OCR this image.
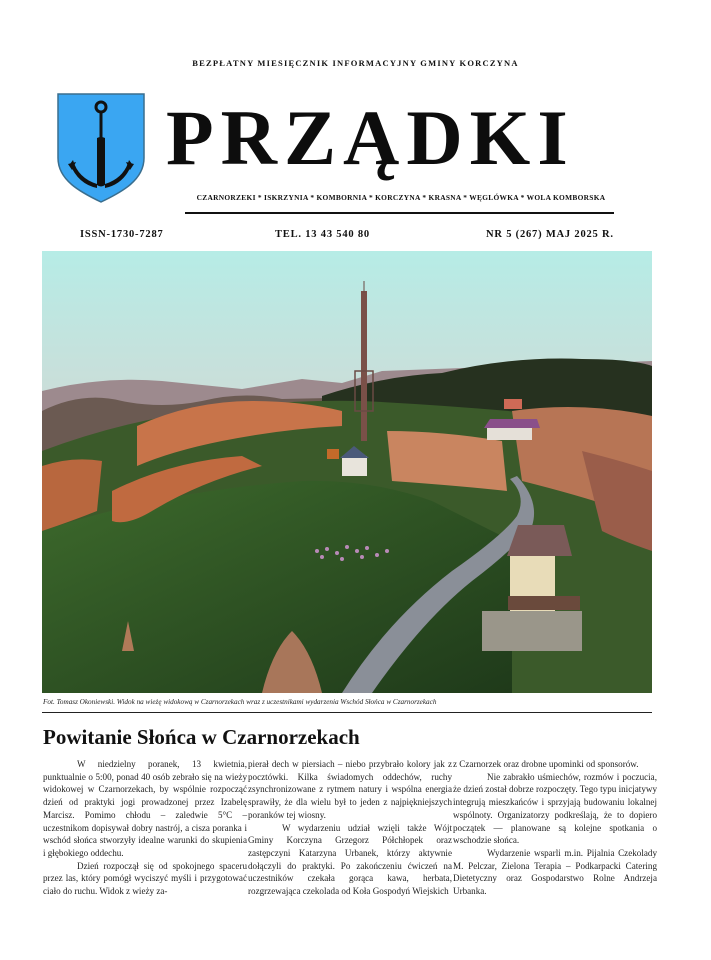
BEZPŁATNY MIESIĘCZNIK INFORMACYJNY GMINY KORCZYNA
PRZĄDKI
CZARNORZEKI * ISKRZYNIA * KOMBORNIA * KORCZYNA * KRASNA * WĘGLÓWKA * WOLA KOMBORSKA
ISSN-1730-7287	TEL. 13 43 540 80	NR 5 (267) MAJ 2025 R.
Fot. Tomasz Okoniewski. Widok na wieżę widokową w Czarnorzekach wraz z uczestnikami wydarzenia Wschód Słońca w Czarnorzekach
Powitanie Słońca w Czarnorzekach

W niedzielny poranek, 13 kwietnia, punktualnie o 5:00, ponad 40 osób zebrało się na wieży widokowej w Czarnorzekach, by wspólnie rozpocząć dzień od praktyki jogi prowadzonej przez Izabelę Marcisz. Pomimo chłodu – zaledwie 5°C – uczestnikom dopisywał dobry nastrój, a cisza poranka i wschód słońca stworzyły idealne warunki do skupienia i głębokiego oddechu.

Dzień rozpoczął się od spokojnego spaceru przez las, który pomógł wyciszyć myśli i przygotować ciało do ruchu. Widok z wieży za-

pierał dech w piersiach – niebo przybrało kolory jak z pocztówki. Kilka świadomych oddechów, ruchy zsynchronizowane z rytmem natury i wspólna energia sprawiły, że dla wielu był to jeden z najpiękniejszych poranków tej wiosny.

W wydarzeniu udział wzięli także Wójt Gminy Korczyna Grzegorz Półchłopek oraz zastępczyni Katarzyna Urbanek, którzy aktywnie dołączyli do praktyki. Po zakończeniu ćwiczeń na uczestników czekała gorąca kawa, herbata, rozgrzewająca czekolada od Koła Gospodyń Wiejskich

z Czarnorzek oraz drobne upominki od sponsorów.

Nie zabrakło uśmiechów, rozmów i poczucia, że dzień został dobrze rozpoczęty. Tego typu inicjatywy integrują mieszkańców i sprzyjają budowaniu lokalnej wspólnoty. Organizatorzy podkreślają, że to dopiero początek — planowane są kolejne spotkania o wschodzie słońca.

Wydarzenie wsparli m.in. Pijalnia Czekolady M. Pelczar, Zielona Terapia – Podkarpacki Catering Dietetyczny oraz Gospodarstwo Rolne Andrzeja Urbanka.
